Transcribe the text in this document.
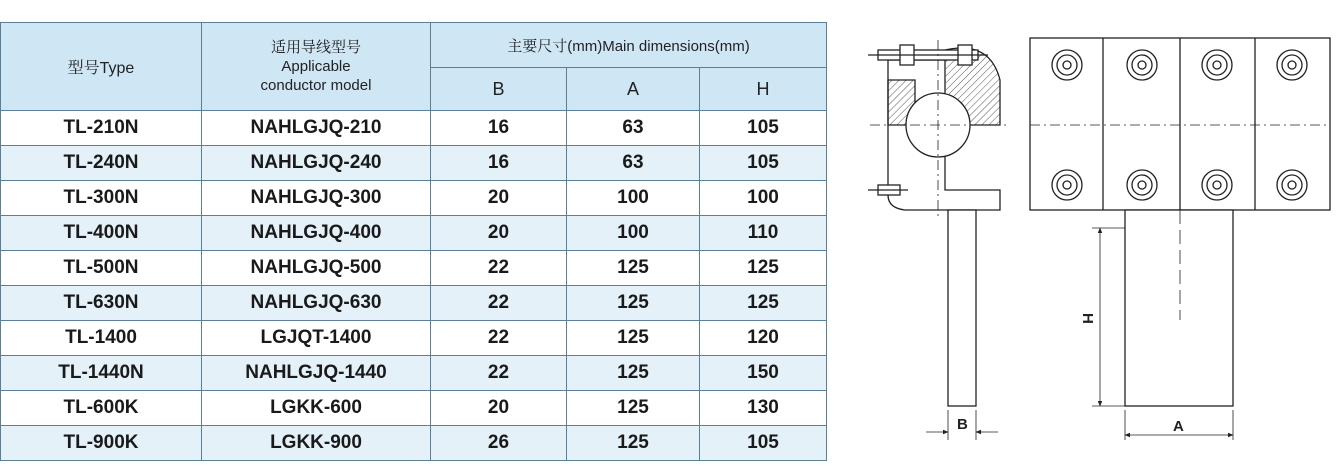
型号Type	适用导线型号
Applicable
conductor model	主要尺寸(mm)Main dimensions(mm)		
		B	A	H
TL-210N	NAHLGJQ-210	16	63	105
TL-240N	NAHLGJQ-240	16	63	105
TL-300N	NAHLGJQ-300	20	100	100
TL-400N	NAHLGJQ-400	20	100	110
TL-500N	NAHLGJQ-500	22	125	125
TL-630N	NAHLGJQ-630	22	125	125
TL-1400	LGJQT-1400	22	125	120
TL-1440N	NAHLGJQ-1440	22	125	150
TL-600K	LGKK-600	20	125	130
TL-900K	LGKK-900	26	125	105
B
H
A
